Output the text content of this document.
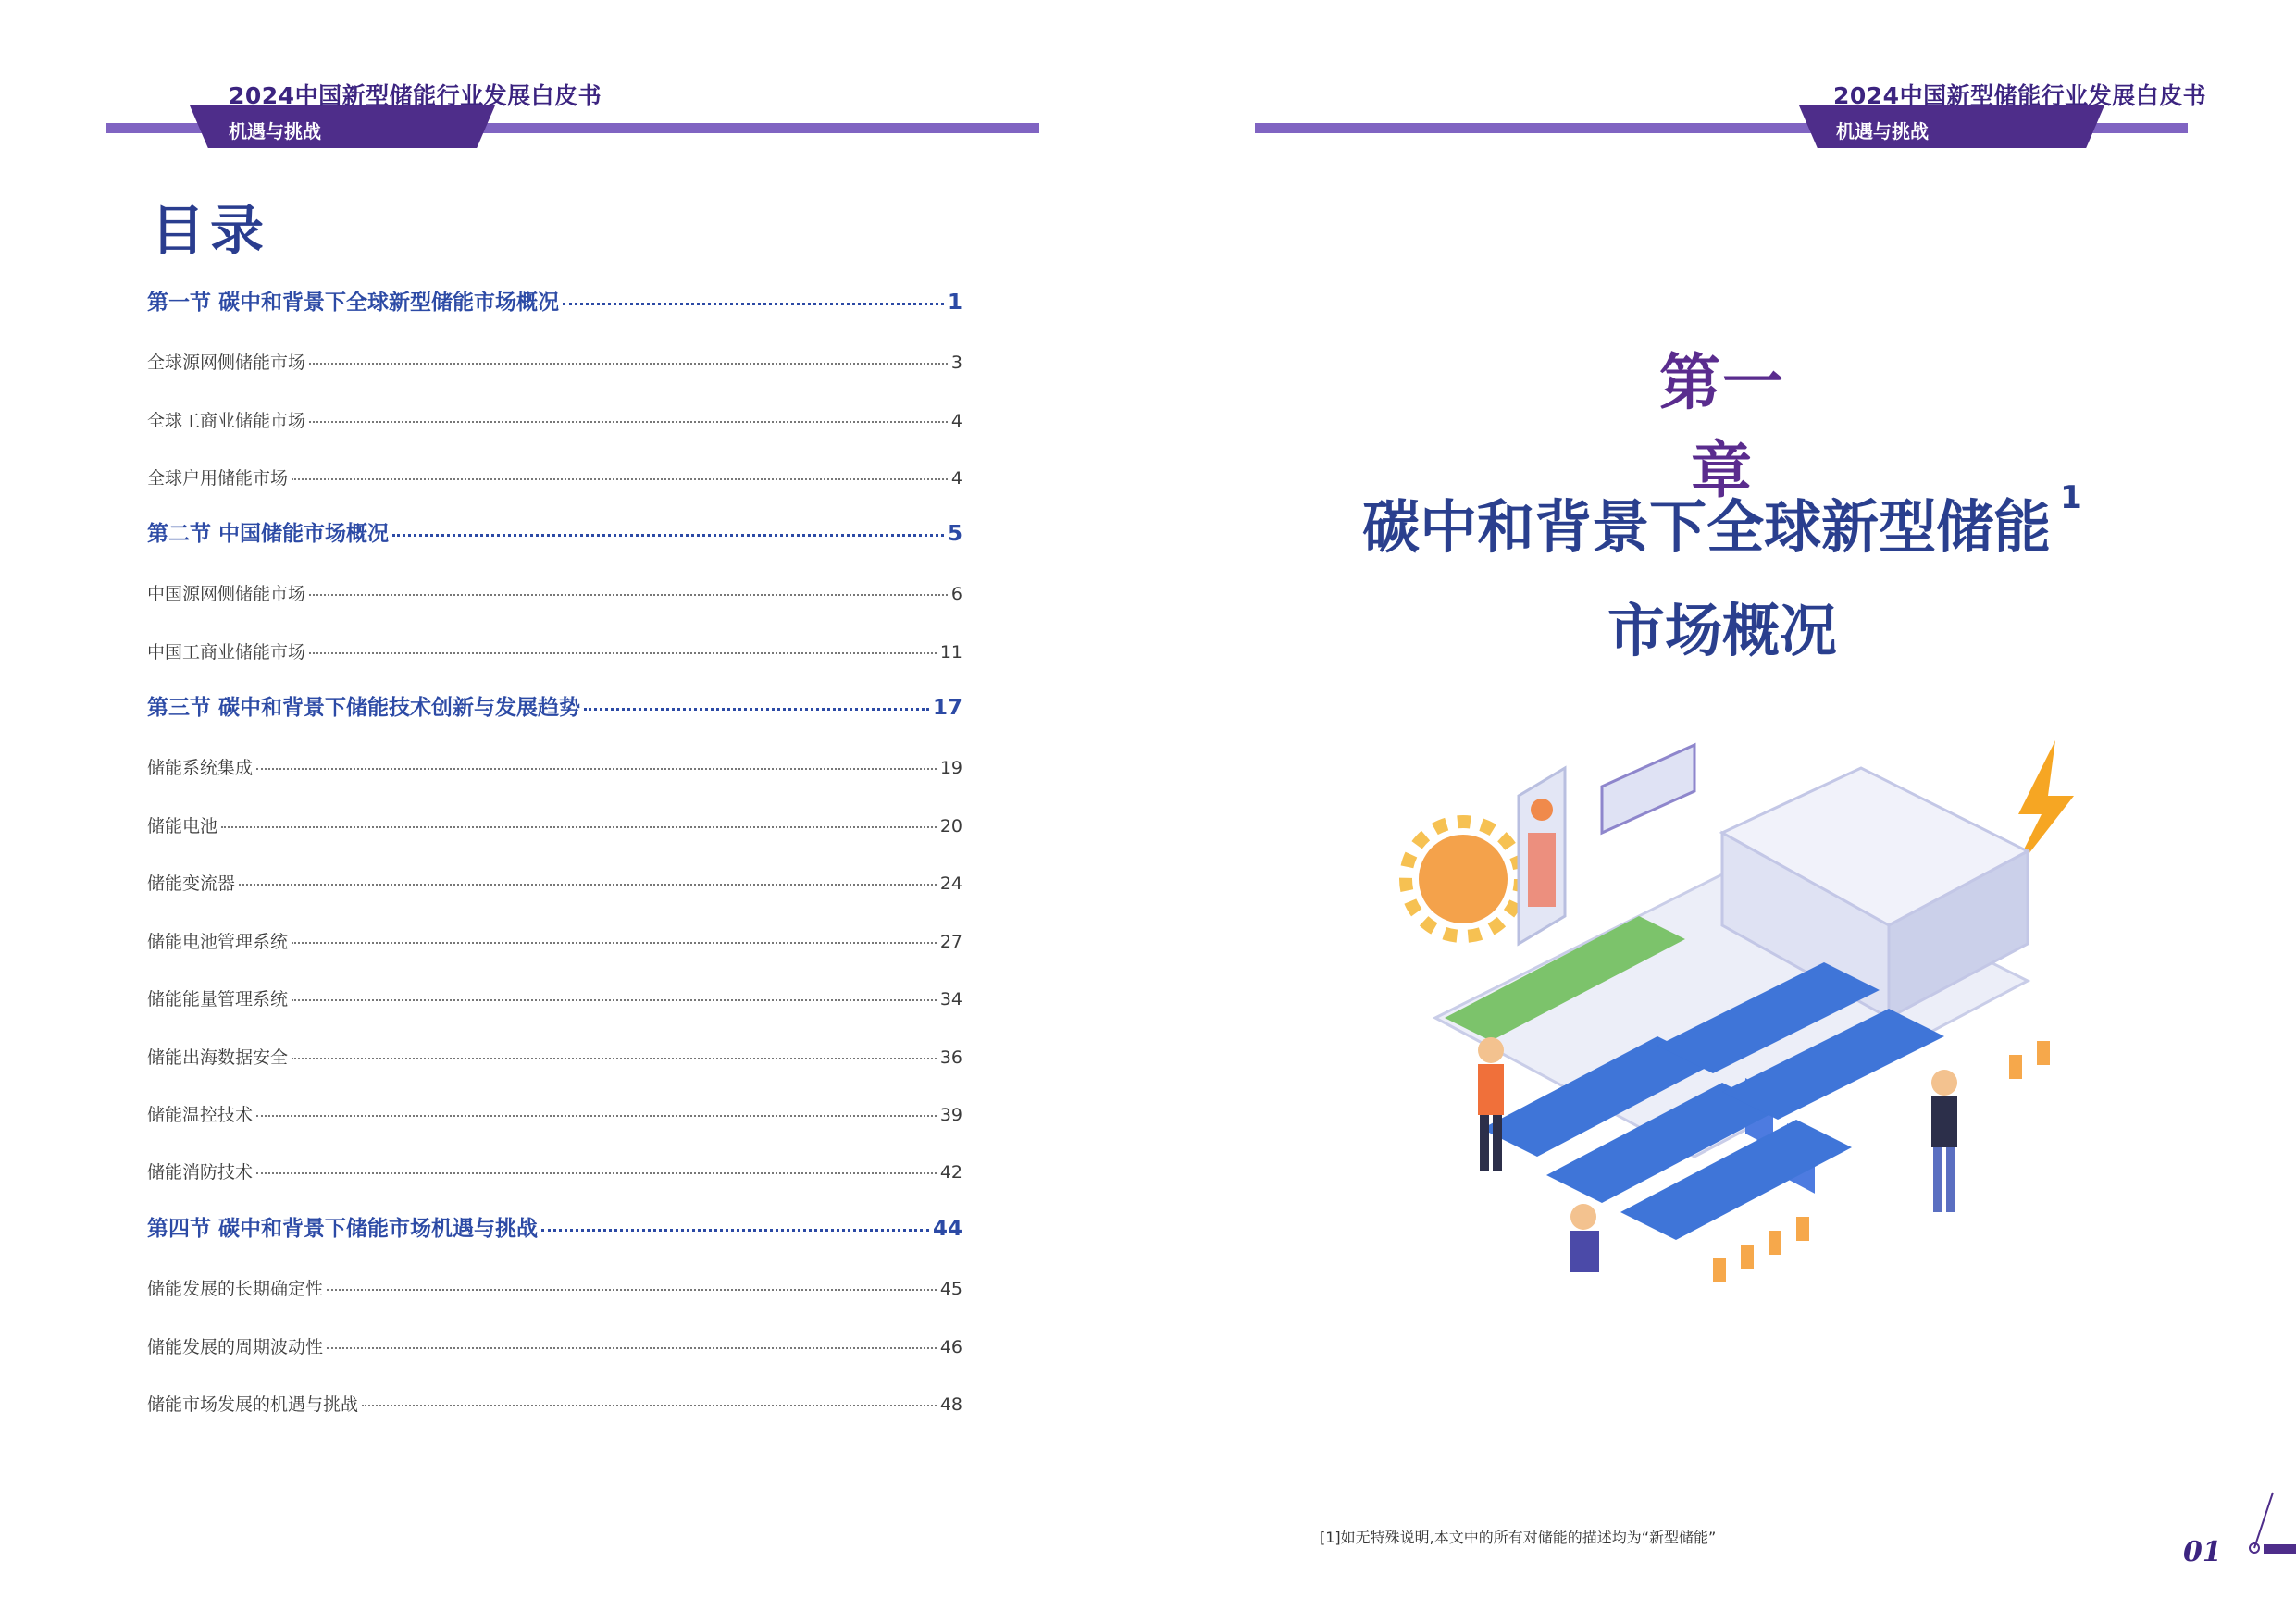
2024中国新型储能行业发展白皮书
机遇与挑战
目录
第一节 碳中和背景下全球新型储能市场概况	1
全球源网侧储能市场	3
全球工商业储能市场	4
全球户用储能市场	4
第二节 中国储能市场概况	5
中国源网侧储能市场	6
中国工商业储能市场	11
第三节 碳中和背景下储能技术创新与发展趋势	17
储能系统集成	19
储能电池	20
储能变流器	24
储能电池管理系统	27
储能能量管理系统	34
储能出海数据安全	36
储能温控技术	39
储能消防技术	42
第四节 碳中和背景下储能市场机遇与挑战	44
储能发展的长期确定性	45
储能发展的周期波动性	46
储能市场发展的机遇与挑战	48
2024中国新型储能行业发展白皮书
机遇与挑战
第一章
碳中和背景下全球新型储能 $^1$
市场概况
[1]如无特殊说明,本文中的所有对储能的描述均为“新型储能”	01
